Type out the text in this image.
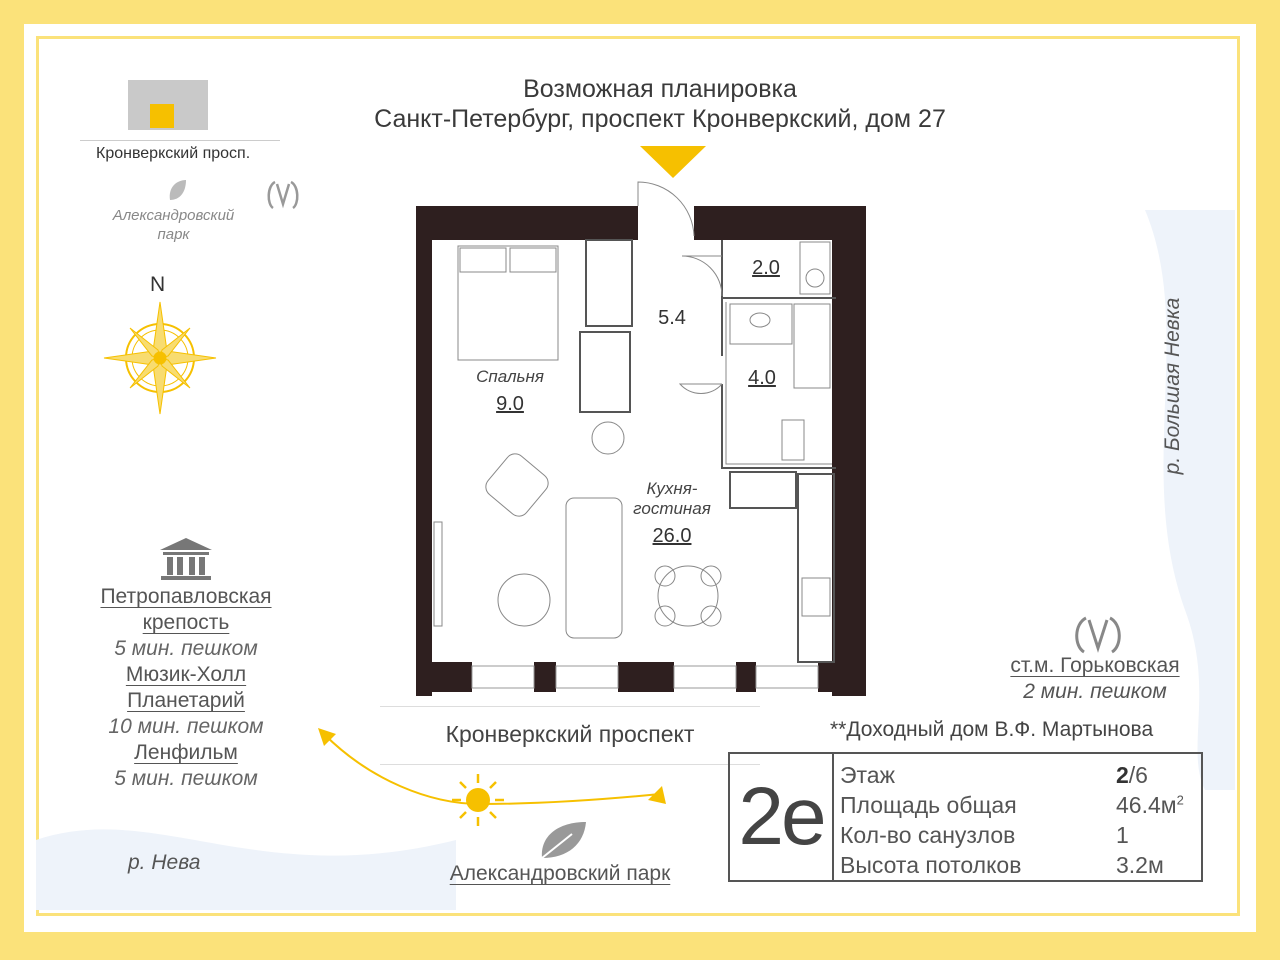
Возможная планировка
Санкт-Петербург, проспект Кронверкский, дом 27
Кронверкский просп.
Александровский парк
N
Петропавловская
крепость
5 мин. пешком
Мюзик-Холл
Планетарий
10 мин. пешком
Ленфильм
5 мин. пешком
р. Нева
р. Большая Невка
Спальня
9.0
5.4
2.0
4.0
Кухня-
гостиная
26.0
Кронверкский проспект
Александровский парк
ст.м. Горьковская
2 мин. пешком
**Доходный дом В.Ф. Мартынова
2е Этаж	2/6
Площадь общая	$46.4м^2$
Кол-во санузлов	1
Высота потолков	3.2м
